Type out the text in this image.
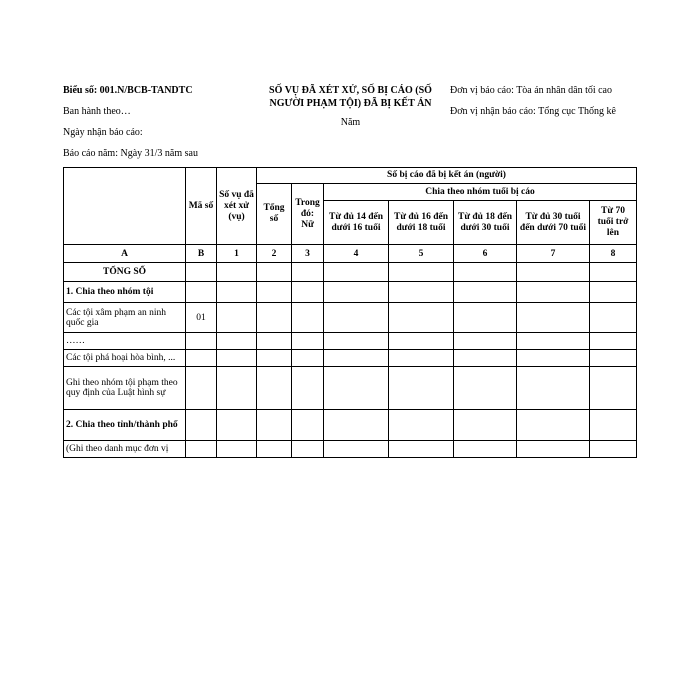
Biểu số: 001.N/BCB-TANDTC
Ban hành theo…
Ngày nhận báo cáo:
Báo cáo năm: Ngày 31/3 năm sau
SỐ VỤ ĐÃ XÉT XỬ, SỐ BỊ CÁO (SỐ NGƯỜI PHẠM TỘI) ĐÃ BỊ KẾT ÁN
Năm
Đơn vị báo cáo: Tòa án nhân dân tối cao
Đơn vị nhận báo cáo: Tổng cục Thống kê
	Mã số	Số vụ đã xét xử (vụ)	Số bị cáo đã bị kết án (người)						
			Tổng số	Trong đó: Nữ	Chia theo nhóm tuổi bị cáo				
					Từ đủ 14 đến dưới 16 tuổi	Từ đủ 16 đến dưới 18 tuổi	Từ đủ 18 đến dưới 30 tuổi	Từ đủ 30 tuổi đến dưới 70 tuổi	Từ 70 tuổi trở lên
A	B	1	2	3	4	5	6	7	8
TỔNG SỐ									
1. Chia theo nhóm tội									
Các tội xâm phạm an ninh quốc gia	01								
……									
Các tội phá hoại hòa bình, ...									
Ghi theo nhóm tội phạm theo quy định của Luật hình sự									
2. Chia theo tỉnh/thành phố									
(Ghi theo danh mục đơn vị									
